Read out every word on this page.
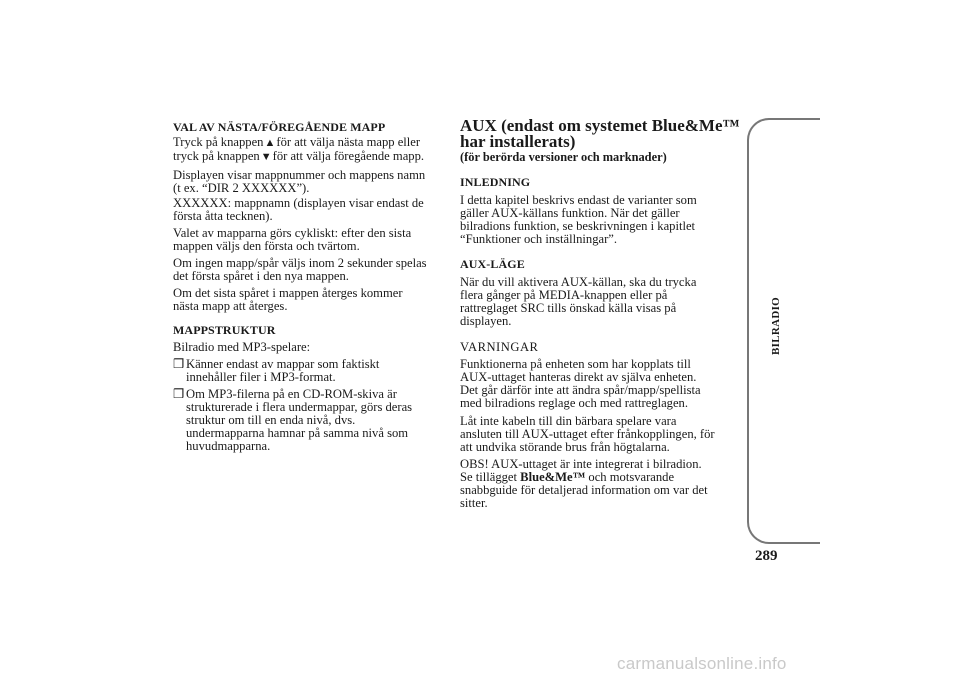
VAL AV NÄSTA/FÖREGÅENDE MAPP

Tryck på knappen▲för att välja nästa mapp eller

tryck på knappen▼för att välja föregående mapp.

Displayen visar mappnummer och mappens namn

(t ex. “DIR 2 XXXXXX”).

XXXXXX: mappnamn (displayen visar endast de

första åtta tecknen).

Valet av mapparna görs cykliskt: efter den sista

mappen väljs den första och tvärtom.

Om ingen mapp/spår väljs inom 2 sekunder spelas

det första spåret i den nya mappen.

Om det sista spåret i mappen återges kommer

nästa mapp att återges.

MAPPSTRUKTUR

Bilradio med MP3-spelare:

❒ Känner endast av mappar som faktiskt

innehåller filer i MP3-format.

❒ Om MP3-filerna på en CD-ROM-skiva är

strukturerade i flera undermappar, görs deras

struktur om till en enda nivå, dvs.

undermapparna hamnar på samma nivå som

huvudmapparna.

AUX (endast om systemet Blue&Me™

har installerats)

(för berörda versioner och marknader)

INLEDNING

I detta kapitel beskrivs endast de varianter som

gäller AUX-källans funktion. När det gäller

bilradions funktion, se beskrivningen i kapitlet

“Funktioner och inställningar”.

AUX-LÄGE

När du vill aktivera AUX-källan, ska du trycka

flera gånger på MEDIA-knappen eller på

rattreglaget SRC tills önskad källa visas på

displayen.

VARNINGAR

Funktionerna på enheten som har kopplats till

AUX-uttaget hanteras direkt av själva enheten.

Det går därför inte att ändra spår/mapp/spellista

med bilradions reglage och med rattreglagen.

Låt inte kabeln till din bärbara spelare vara

ansluten till AUX-uttaget efter frånkopplingen, för

att undvika störande brus från högtalarna.

OBS! AUX-uttaget är inte integrerat i bilradion.

Se tillägget Blue&Me™ och motsvarande

snabbguide för detaljerad information om var det

sitter.

BILRADIO
289
carmanualsonline.info
